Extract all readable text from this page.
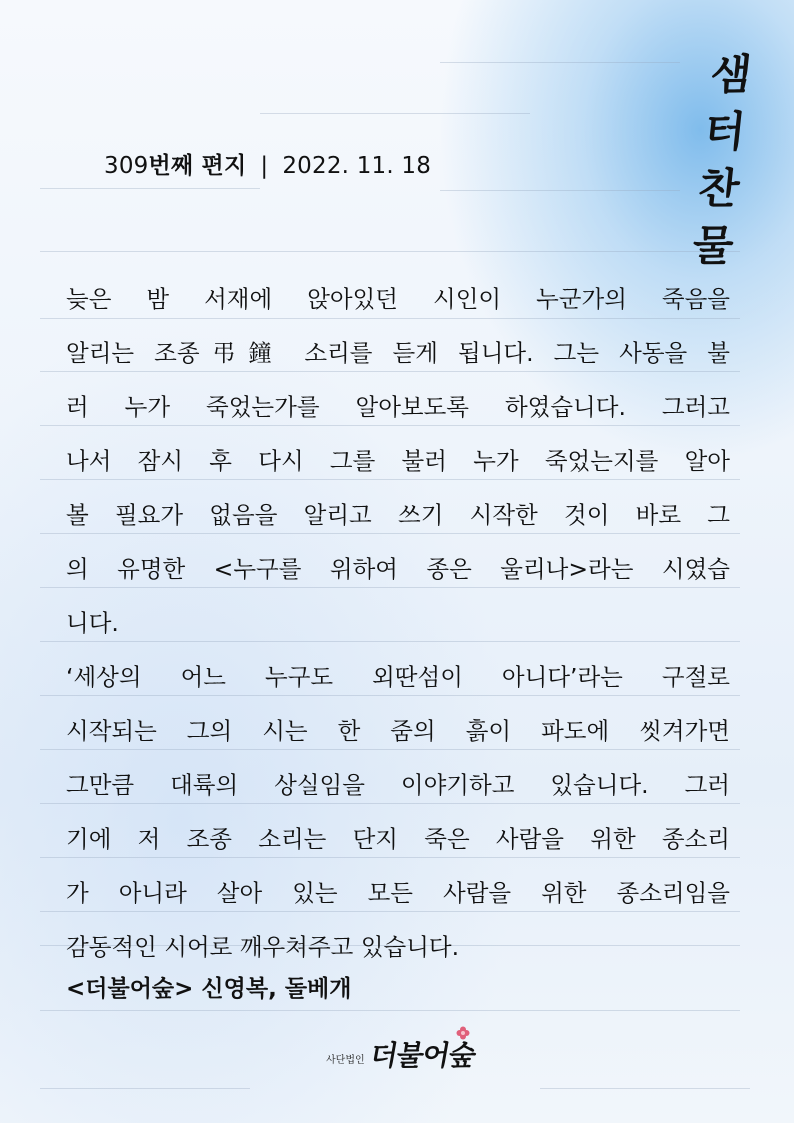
샘
터
찬
물
309번째 편지 | 2022. 11. 18
늦은 밤 서재에 앉아있던 시인이 누군가의 죽음을
알리는 조종弔鐘 소리를 듣게 됩니다. 그는 사동을 불
러 누가 죽었는가를 알아보도록 하였습니다. 그러고
나서 잠시 후 다시 그를 불러 누가 죽었는지를 알아
볼 필요가 없음을 알리고 쓰기 시작한 것이 바로 그
의 유명한 <누구를 위하여 종은 울리나>라는 시였습
니다.
‘세상의 어느 누구도 외딴섬이 아니다’라는 구절로
시작되는 그의 시는 한 줌의 흙이 파도에 씻겨가면
그만큼 대륙의 상실임을 이야기하고 있습니다. 그러
기에 저 조종 소리는 단지 죽은 사람을 위한 종소리
가 아니라 살아 있는 모든 사람을 위한 종소리임을
감동적인 시어로 깨우쳐주고 있습니다.
<더불어숲> 신영복, 돌베개
사단법인 더불어숲
